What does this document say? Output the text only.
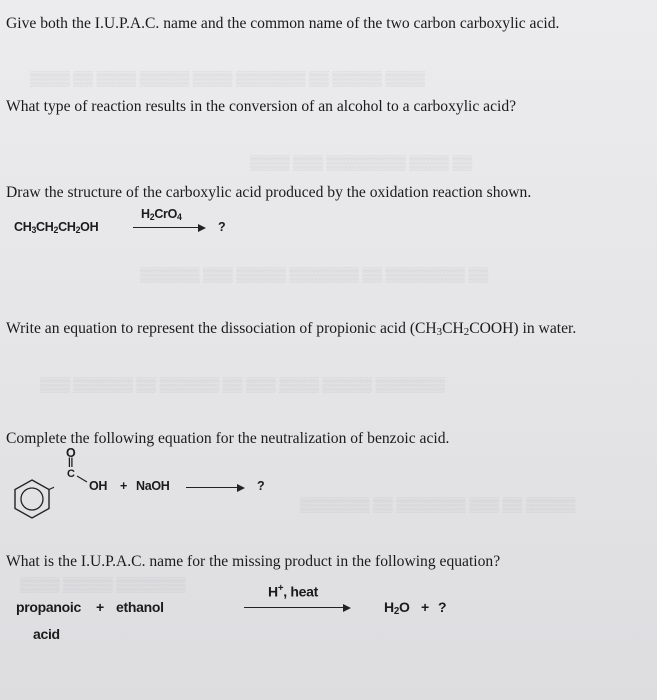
▒▒▒▒ ▒▒ ▒▒▒▒ ▒▒▒▒▒ ▒▒▒▒ ▒▒▒▒▒▒▒ ▒▒ ▒▒▒▒▒ ▒▒▒▒
▒▒▒▒ ▒▒▒ ▒▒▒▒▒▒▒▒ ▒▒▒▒ ▒▒
▒▒▒▒▒▒ ▒▒▒ ▒▒▒▒▒ ▒▒▒▒▒▒▒ ▒▒ ▒▒▒▒▒▒▒▒ ▒▒
▒▒▒ ▒▒▒▒▒▒ ▒▒ ▒▒▒▒▒▒ ▒▒ ▒▒▒ ▒▒▒▒ ▒▒▒▒▒ ▒▒▒▒▒▒▒
▒▒▒▒▒▒▒ ▒▒ ▒▒▒▒▒▒▒ ▒▒▒ ▒▒ ▒▒▒▒▒
▒▒▒▒ ▒▒▒▒▒ ▒▒▒▒▒▒▒

Give both the I.U.P.A.C. name and the common name of the two carbon carboxylic acid.

What type of reaction results in the conversion of an alcohol to a carboxylic acid?

Draw the structure of the carboxylic acid produced by the oxidation reaction shown.

$CH_3CH_2CH_2OH$
$H_2CrO_4$
?

Write an equation to represent the dissociation of propionic acid $(CH_3CH_2COOH)$ in water.

Complete the following equation for the neutralization of benzoic acid.

O
||
C
OH + NaOH → ?

What is the I.U.P.A.C. name for the missing product in the following equation?

H+, heat
propanoic + ethanol
acid
$H_2O$ + ?
